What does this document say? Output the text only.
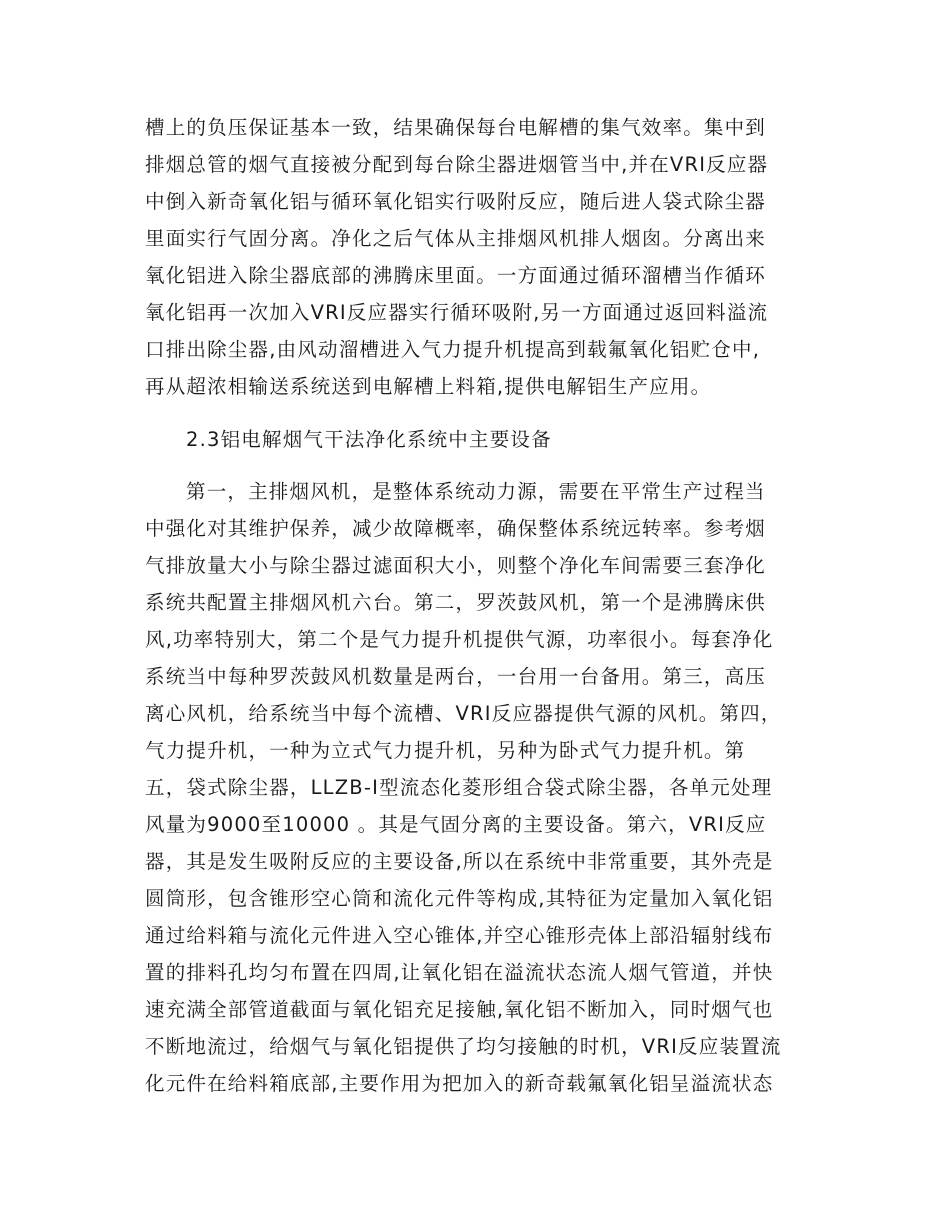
槽上的负压保证基本一致，结果确保每台电解槽的集气效率。集中到
排烟总管的烟气直接被分配到每台除尘器进烟管当中,并在VRI反应器
中倒入新奇氧化铝与循环氧化铝实行吸附反应，随后进人袋式除尘器
里面实行气固分离。净化之后气体从主排烟风机排人烟囱。分离出来
氧化铝进入除尘器底部的沸腾床里面。一方面通过循环溜槽当作循环
氧化铝再一次加入VRI反应器实行循环吸附,另一方面通过返回料溢流
口排出除尘器,由风动溜槽进入气力提升机提高到载氟氧化铝贮仓中,
再从超浓相输送系统送到电解槽上料箱,提供电解铝生产应用。
2.3铝电解烟气干法净化系统中主要设备
第一，主排烟风机，是整体系统动力源，需要在平常生产过程当
中强化对其维护保养，减少故障概率，确保整体系统远转率。参考烟
气排放量大小与除尘器过滤面积大小，则整个净化车间需要三套净化
系统共配置主排烟风机六台。第二，罗茨鼓风机，第一个是沸腾床供
风,功率特别大，第二个是气力提升机提供气源，功率很小。每套净化
系统当中每种罗茨鼓风机数量是两台，一台用一台备用。第三，高压
离心风机，给系统当中每个流槽、VRI反应器提供气源的风机。第四，
气力提升机，一种为立式气力提升机，另种为卧式气力提升机。第
五，袋式除尘器，LLZB-I型流态化菱形组合袋式除尘器，各单元处理
风量为9000至10000 。其是气固分离的主要设备。第六，VRI反应
器，其是发生吸附反应的主要设备,所以在系统中非常重要，其外壳是
圆筒形，包含锥形空心筒和流化元件等构成,其特征为定量加入氧化铝
通过给料箱与流化元件进入空心锥体,并空心锥形壳体上部沿辐射线布
置的排料孔均匀布置在四周,让氧化铝在溢流状态流人烟气管道，并快
速充满全部管道截面与氧化铝充足接触,氧化铝不断加入，同时烟气也
不断地流过，给烟气与氧化铝提供了均匀接触的时机，VRI反应装置流
化元件在给料箱底部,主要作用为把加入的新奇载氟氧化铝呈溢流状态
